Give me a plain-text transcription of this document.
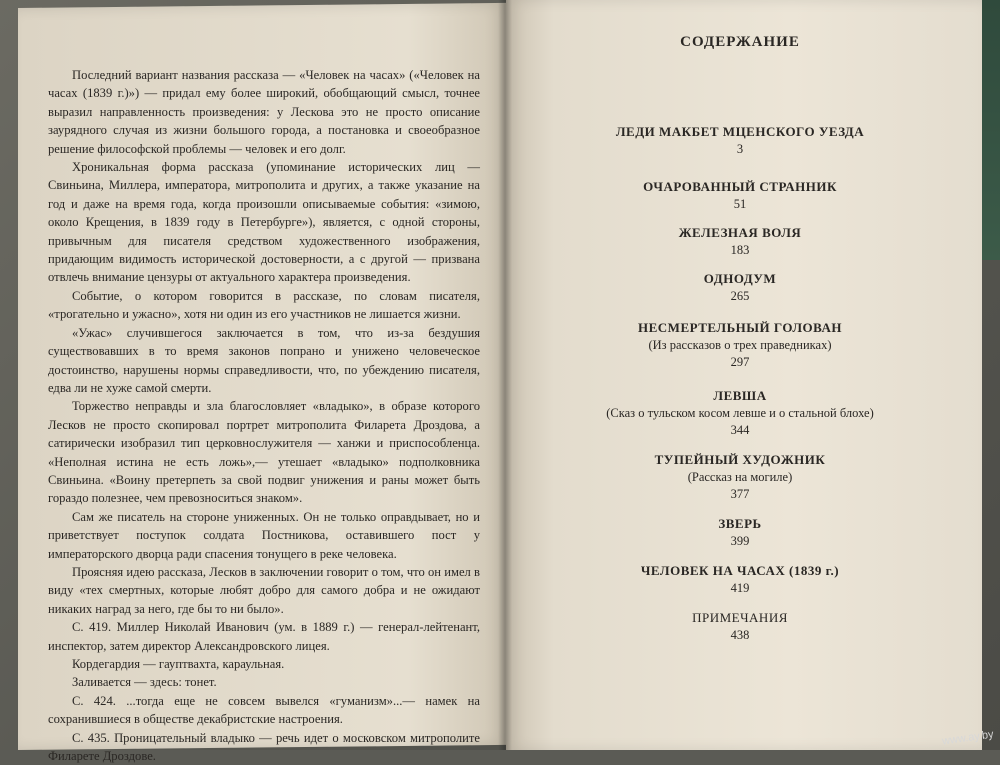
Последний вариант названия рассказа — «Человек на часах» («Человек на часах (1839 г.)») — придал ему более широкий, обобщающий смысл, точнее выразил направленность произведения: у Лескова это не просто описание заурядного случая из жизни большого города, а постановка и своеобразное решение философской проблемы — человек и его долг.

Хроникальная форма рассказа (упоминание исторических лиц — Свиньина, Миллера, императора, митрополита и других, а также указание на год и даже на время года, когда произошли описываемые события: «зимою, около Крещения, в 1839 году в Петербурге»), является, с одной стороны, привычным для писателя средством художественного изображения, придающим видимость исторической достоверности, а с другой — призвана отвлечь внимание цензуры от актуального характера произведения.

Событие, о котором говорится в рассказе, по словам писателя, «трогательно и ужасно», хотя ни один из его участников не лишается жизни.

«Ужас» случившегося заключается в том, что из-за бездушия существовавших в то время законов попрано и унижено человеческое достоинство, нарушены нормы справедливости, что, по убеждению писателя, едва ли не хуже самой смерти.

Торжество неправды и зла благословляет «владыко», в образе которого Лесков не просто скопировал портрет митрополита Филарета Дроздова, а сатирически изобразил тип церковнослужителя — ханжи и приспособленца. «Неполная истина не есть ложь»,— утешает «владыко» подполковника Свиньина. «Воину претерпеть за свой подвиг унижения и раны может быть гораздо полезнее, чем превозноситься знаком».

Сам же писатель на стороне униженных. Он не только оправдывает, но и приветствует поступок солдата Постникова, оставившего пост у императорского дворца ради спасения тонущего в реке человека.

Проясняя идею рассказа, Лесков в заключении говорит о том, что он имел в виду «тех смертных, которые любят добро для самого добра и не ожидают никаких наград за него, где бы то ни было».

С. 419. Миллер Николай Иванович (ум. в 1889 г.) — генерал-лейтенант, инспектор, затем директор Александровского лицея.

Кордегардия — гауптвахта, караульная.

Заливается — здесь: тонет.

С. 424. ...тогда еще не совсем вывелся «гуманизм»...— намек на сохранившиеся в обществе декабристские настроения.

С. 435. Проницательный владыко — речь идет о московском митрополите Филарете Дроздове.

СОДЕРЖАНИЕ
ЛЕДИ МАКБЕТ МЦЕНСКОГО УЕЗДА
3
ОЧАРОВАННЫЙ СТРАННИК
51
ЖЕЛЕЗНАЯ ВОЛЯ
183
ОДНОДУМ
265
НЕСМЕРТЕЛЬНЫЙ ГОЛОВАН
(Из рассказов о трех праведниках)
297
ЛЕВША
(Сказ о тульском косом левше и о стальной блохе)
344
ТУПЕЙНЫЙ ХУДОЖНИК
(Рассказ на могиле)
377
ЗВЕРЬ
399
ЧЕЛОВЕК НА ЧАСАХ (1839 г.)
419
ПРИМЕЧАНИЯ
438
www.ay.by
